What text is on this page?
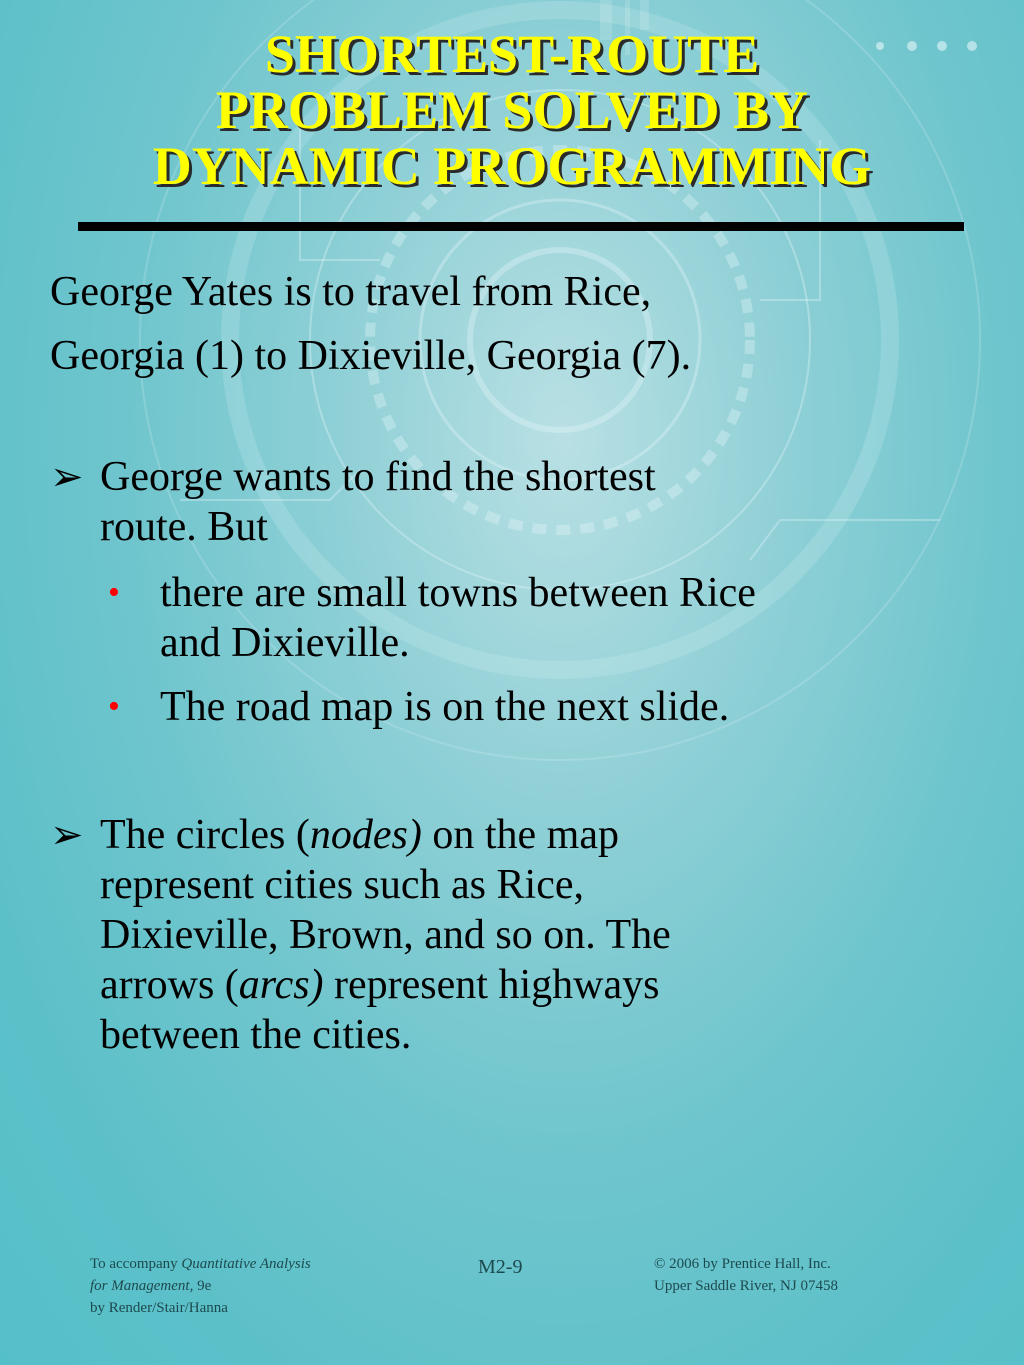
SHORTEST-ROUTE
PROBLEM SOLVED BY
DYNAMIC PROGRAMMING
George Yates is to travel from Rice,
Georgia (1) to Dixieville, Georgia (7).
➢ George wants to find the shortest
route. But
• there are small towns between Rice
and Dixieville.
• The road map is on the next slide.
➢ The circles (nodes) on the map
represent cities such as Rice,
Dixieville, Brown, and so on. The
arrows (arcs) represent highways
between the cities.
To accompany Quantitative Analysis
for Management, 9e
by Render/Stair/Hanna
M2-9	© 2006 by Prentice Hall, Inc.
Upper Saddle River, NJ 07458
